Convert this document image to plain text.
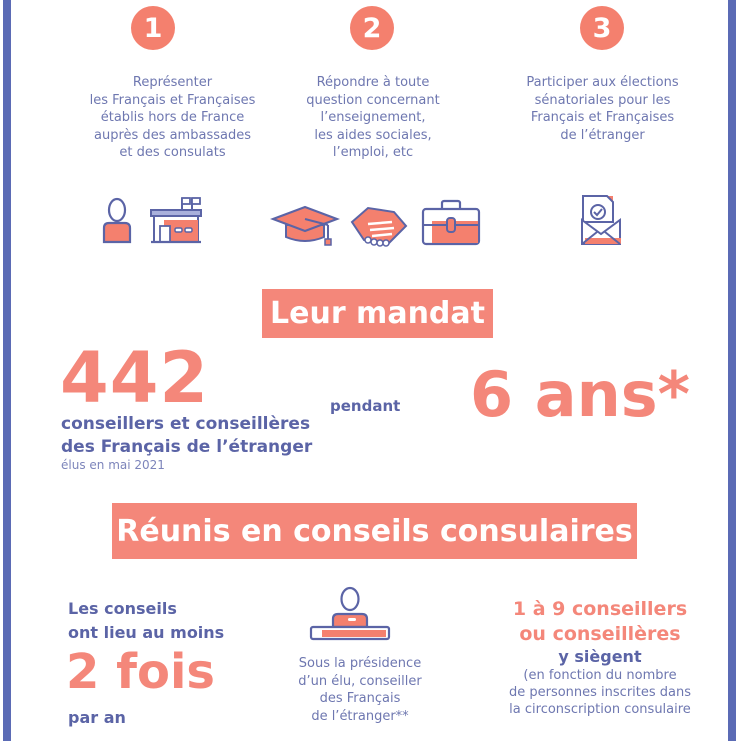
1
Représenter
les Français et Françaises
établis hors de France
auprès des ambassades
et des consulats
2
Répondre à toute
question concernant
l’enseignement,
les aides sociales,
l’emploi, etc
3
Participer aux élections
sénatoriales pour les
Français et Françaises
de l’étranger
Leur mandat
442
conseillers et conseillères
des Français de l’étranger
élus en mai 2021
pendant 6 ans*
Réunis en conseils consulaires
Les conseils
ont lieu au moins
2 fois
par an
Sous la présidence
d’un élu, conseiller
des Français
de l’étranger**
1 à 9 conseillers
ou conseillères
y siègent
(en fonction du nombre
de personnes inscrites dans
la circonscription consulaire
